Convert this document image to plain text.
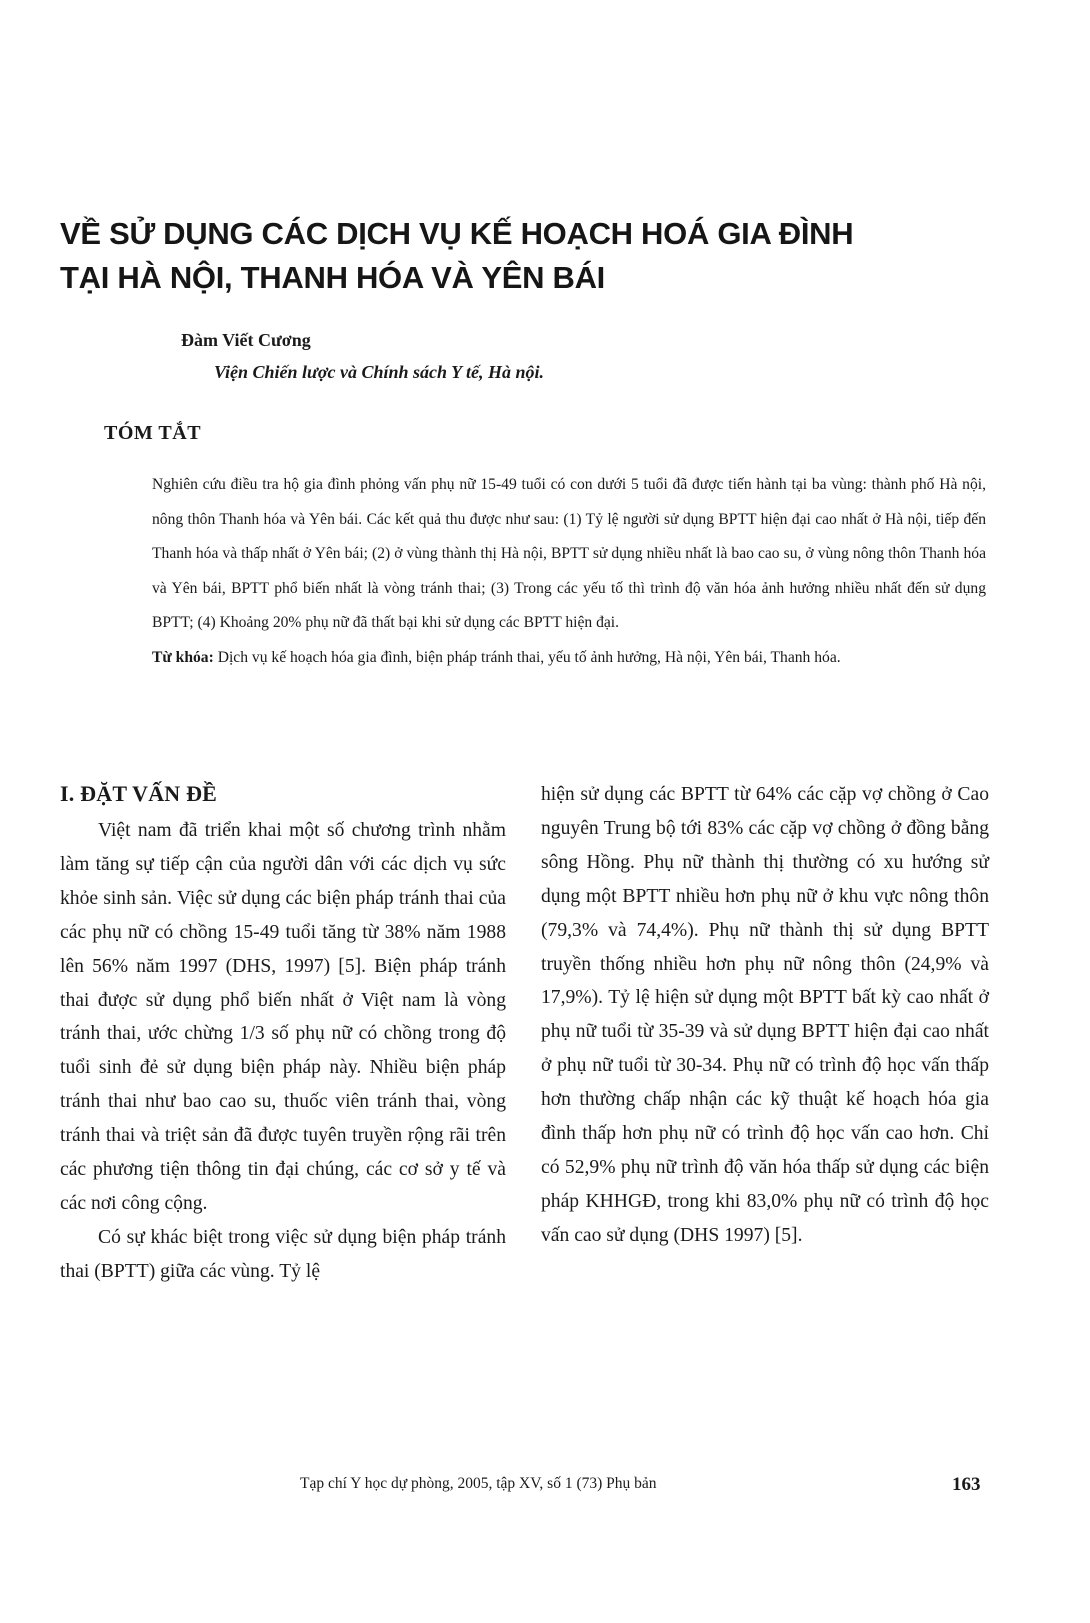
VỀ SỬ DỤNG CÁC DỊCH VỤ KẾ HOẠCH HOÁ GIA ĐÌNH
TẠI HÀ NỘI, THANH HÓA VÀ YÊN BÁI
Đàm Viết Cương
Viện Chiến lược và Chính sách Y tế, Hà nội.
TÓM TẮT

Nghiên cứu điều tra hộ gia đình phỏng vấn phụ nữ 15-49 tuổi có con dưới 5 tuổi đã được tiến hành tại ba vùng: thành phố Hà nội, nông thôn Thanh hóa và Yên bái. Các kết quả thu được như sau: (1) Tỷ lệ người sử dụng BPTT hiện đại cao nhất ở Hà nội, tiếp đến Thanh hóa và thấp nhất ở Yên bái; (2) ở vùng thành thị Hà nội, BPTT sử dụng nhiều nhất là bao cao su, ở vùng nông thôn Thanh hóa và Yên bái, BPTT phổ biến nhất là vòng tránh thai; (3) Trong các yếu tố thì trình độ văn hóa ảnh hưởng nhiều nhất đến sử dụng BPTT; (4) Khoảng 20% phụ nữ đã thất bại khi sử dụng các BPTT hiện đại.

Từ khóa: Dịch vụ kế hoạch hóa gia đình, biện pháp tránh thai, yếu tố ảnh hưởng, Hà nội, Yên bái, Thanh hóa.

I. ĐẶT VẤN ĐỀ

Việt nam đã triển khai một số chương trình nhằm làm tăng sự tiếp cận của người dân với các dịch vụ sức khỏe sinh sản. Việc sử dụng các biện pháp tránh thai của các phụ nữ có chồng 15-49 tuổi tăng từ 38% năm 1988 lên 56% năm 1997 (DHS, 1997) [5]. Biện pháp tránh thai được sử dụng phổ biến nhất ở Việt nam là vòng tránh thai, ước chừng 1/3 số phụ nữ có chồng trong độ tuổi sinh đẻ sử dụng biện pháp này. Nhiều biện pháp tránh thai như bao cao su, thuốc viên tránh thai, vòng tránh thai và triệt sản đã được tuyên truyền rộng rãi trên các phương tiện thông tin đại chúng, các cơ sở y tế và các nơi công cộng.

Có sự khác biệt trong việc sử dụng biện pháp tránh thai (BPTT) giữa các vùng. Tỷ lệ

hiện sử dụng các BPTT từ 64% các cặp vợ chồng ở Cao nguyên Trung bộ tới 83% các cặp vợ chồng ở đồng bằng sông Hồng. Phụ nữ thành thị thường có xu hướng sử dụng một BPTT nhiều hơn phụ nữ ở khu vực nông thôn (79,3% và 74,4%). Phụ nữ thành thị sử dụng BPTT truyền thống nhiều hơn phụ nữ nông thôn (24,9% và 17,9%). Tỷ lệ hiện sử dụng một BPTT bất kỳ cao nhất ở phụ nữ tuổi từ 35-39 và sử dụng BPTT hiện đại cao nhất ở phụ nữ tuổi từ 30-34. Phụ nữ có trình độ học vấn thấp hơn thường chấp nhận các kỹ thuật kế hoạch hóa gia đình thấp hơn phụ nữ có trình độ học vấn cao hơn. Chỉ có 52,9% phụ nữ trình độ văn hóa thấp sử dụng các biện pháp KHHGĐ, trong khi 83,0% phụ nữ có trình độ học vấn cao sử dụng (DHS 1997) [5].

Tạp chí Y học dự phòng, 2005, tập XV, số 1 (73) Phụ bản	163
